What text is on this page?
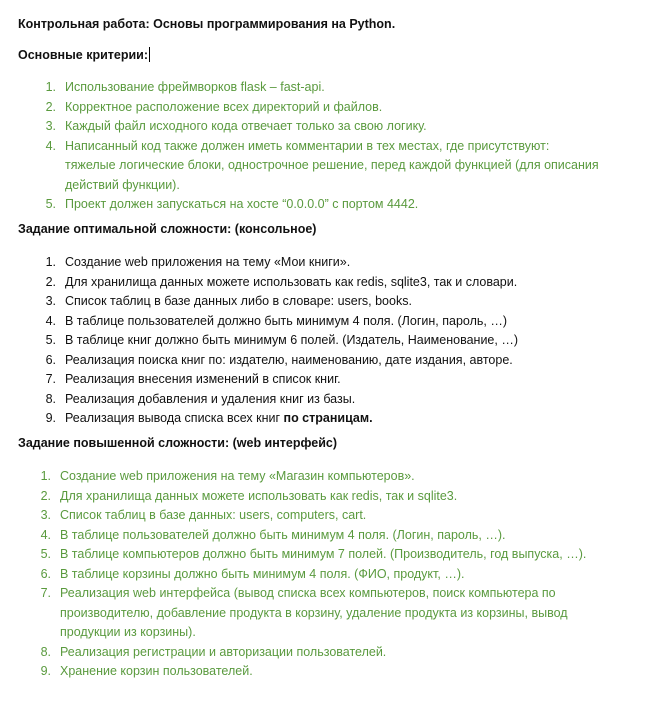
Контрольная работа: Основы программирования на Python.
Основные критерии:
1. Использование фреймворков flask – fast-api.
2. Корректное расположение всех директорий и файлов.
3. Каждый файл исходного кода отвечает только за свою логику.
4. Написанный код также должен иметь комментарии в тех местах, где присутствуют: тяжелые логические блоки, однострочное решение, перед каждой функцией (для описания действий функции).
5. Проект должен запускаться на хосте “0.0.0.0” с портом 4442.
Задание оптимальной сложности: (консольное)
1. Создание web приложения на тему «Мои книги».
2. Для хранилища данных можете использовать как redis, sqlite3, так и словари.
3. Список таблиц в базе данных либо в словаре: users, books.
4. В таблице пользователей должно быть минимум 4 поля. (Логин, пароль, …)
5. В таблице книг должно быть минимум 6 полей. (Издатель, Наименование, …)
6. Реализация поиска книг по: издателю, наименованию, дате издания, авторе.
7. Реализация внесения изменений в список книг.
8. Реализация добавления и удаления книг из базы.
9. Реализация вывода списка всех книг по страницам.
Задание повышенной сложности: (web интерфейс)
1. Создание web приложения на тему «Магазин компьютеров».
2. Для хранилища данных можете использовать как redis, так и sqlite3.
3. Список таблиц в базе данных: users, computers, cart.
4. В таблице пользователей должно быть минимум 4 поля. (Логин, пароль, …).
5. В таблице компьютеров должно быть минимум 7 полей. (Производитель, год выпуска, …).
6. В таблице корзины должно быть минимум 4 поля. (ФИО, продукт, …).
7. Реализация web интерфейса (вывод списка всех компьютеров, поиск компьютера по производителю, добавление продукта в корзину, удаление продукта из корзины, вывод продукции из корзины).
8. Реализация регистрации и авторизации пользователей.
9. Хранение корзин пользователей.
